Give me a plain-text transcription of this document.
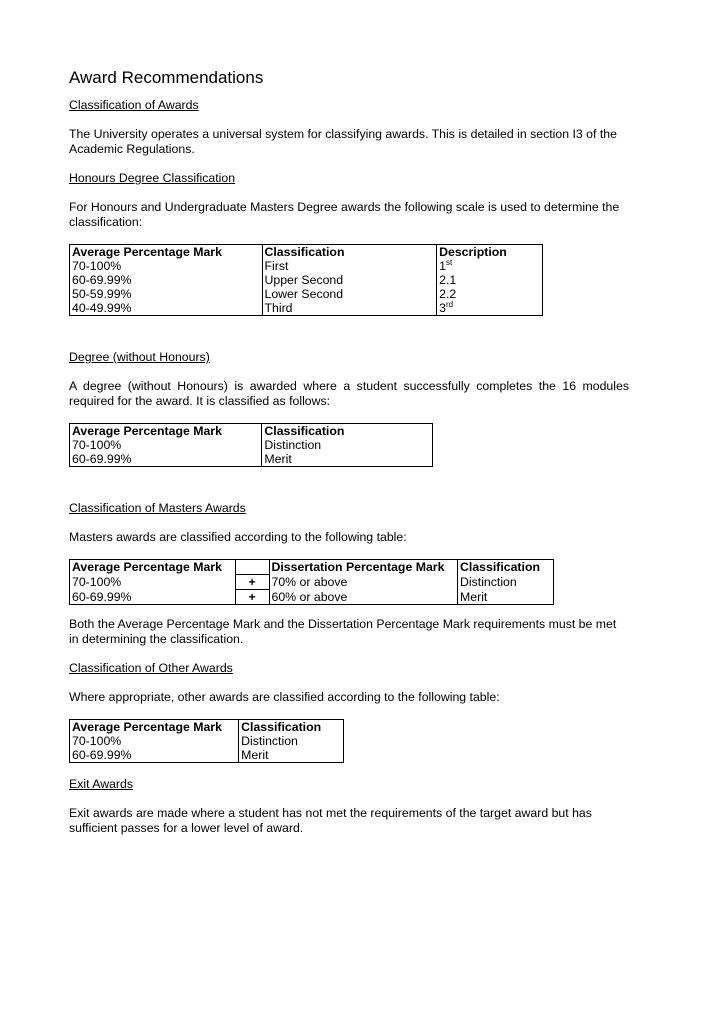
Award Recommendations
Classification of Awards
The University operates a universal system for classifying awards. This is detailed in section I3 of the Academic Regulations.
Honours Degree Classification
For Honours and Undergraduate Masters Degree awards the following scale is used to determine the classification:
Average Percentage Mark	Classification	Description
70-100%	First	1st
60-69.99%	Upper Second	2.1
50-59.99%	Lower Second	2.2
40-49.99%	Third	3rd
Degree (without Honours)
A degree (without Honours) is awarded where a student successfully completes the 16 modules required for the award. It is classified as follows:
Average Percentage Mark	Classification
70-100%	Distinction
60-69.99%	Merit
Classification of Masters Awards
Masters awards are classified according to the following table:
Average Percentage Mark		Dissertation Percentage Mark	Classification
70-100%	+	70% or above	Distinction
60-69.99%	+	60% or above	Merit
Both the Average Percentage Mark and the Dissertation Percentage Mark requirements must be met in determining the classification.
Classification of Other Awards
Where appropriate, other awards are classified according to the following table:
Average Percentage Mark	Classification
70-100%	Distinction
60-69.99%	Merit
Exit Awards
Exit awards are made where a student has not met the requirements of the target award but has sufficient passes for a lower level of award.
